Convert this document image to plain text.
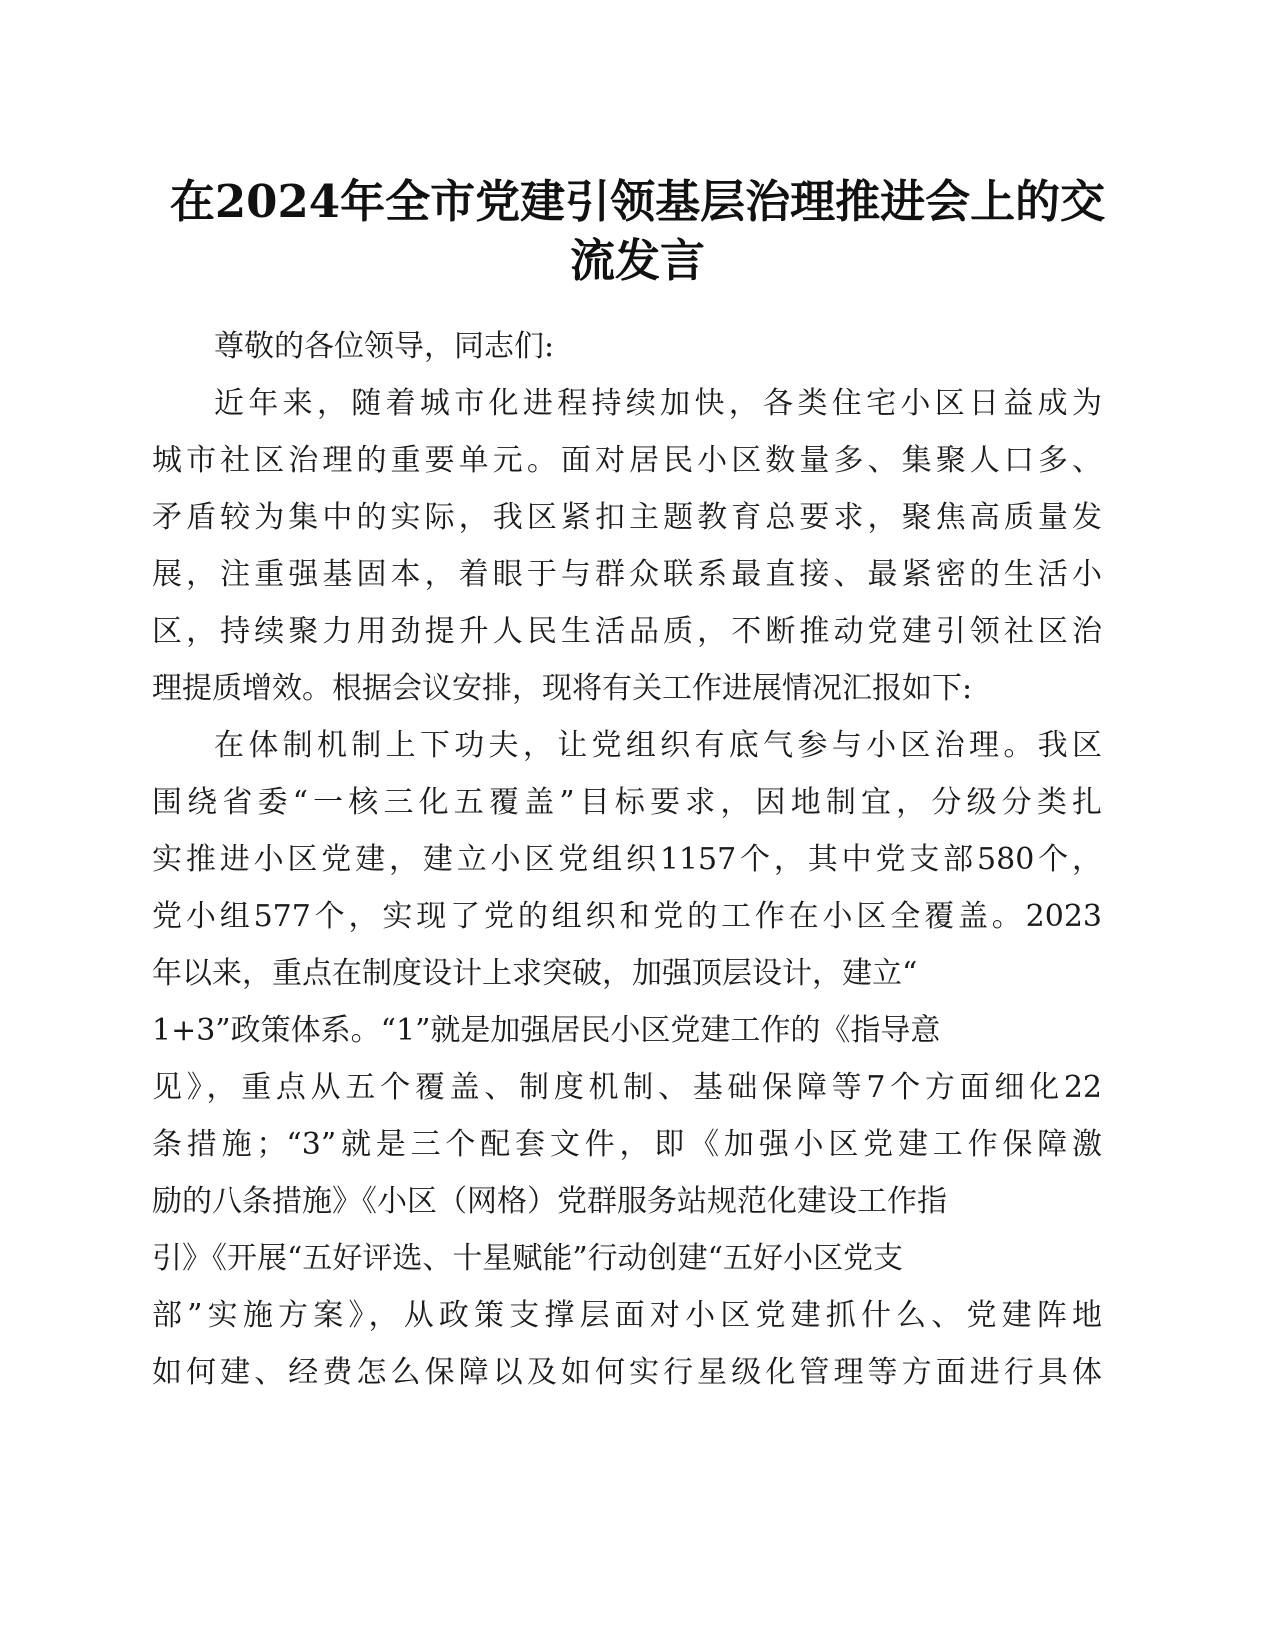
在2024年全市党建引领基层治理推进会上的交
流发言
尊敬的各位领导，同志们:
近年来，随着城市化进程持续加快，各类住宅小区日益成为
城市社区治理的重要单元。面对居民小区数量多、集聚人口多、
矛盾较为集中的实际，我区紧扣主题教育总要求，聚焦高质量发
展，注重强基固本，着眼于与群众联系最直接、最紧密的生活小
区，持续聚力用劲提升人民生活品质，不断推动党建引领社区治
理提质增效。根据会议安排，现将有关工作进展情况汇报如下:
在体制机制上下功夫，让党组织有底气参与小区治理。我区
围绕省委“一核三化五覆盖”目标要求，因地制宜，分级分类扎
实推进小区党建，建立小区党组织1157个，其中党支部580个，
党小组577个，实现了党的组织和党的工作在小区全覆盖。2023
年以来，重点在制度设计上求突破，加强顶层设计，建立“
1+3”政策体系。“1”就是加强居民小区党建工作的《指导意
见》，重点从五个覆盖、制度机制、基础保障等7个方面细化22
条措施；“3”就是三个配套文件，即《加强小区党建工作保障激
励的八条措施》《小区（网格）党群服务站规范化建设工作指
引》《开展“五好评选、十星赋能”行动创建“五好小区党支
部”实施方案》，从政策支撑层面对小区党建抓什么、党建阵地
如何建、经费怎么保障以及如何实行星级化管理等方面进行具体
